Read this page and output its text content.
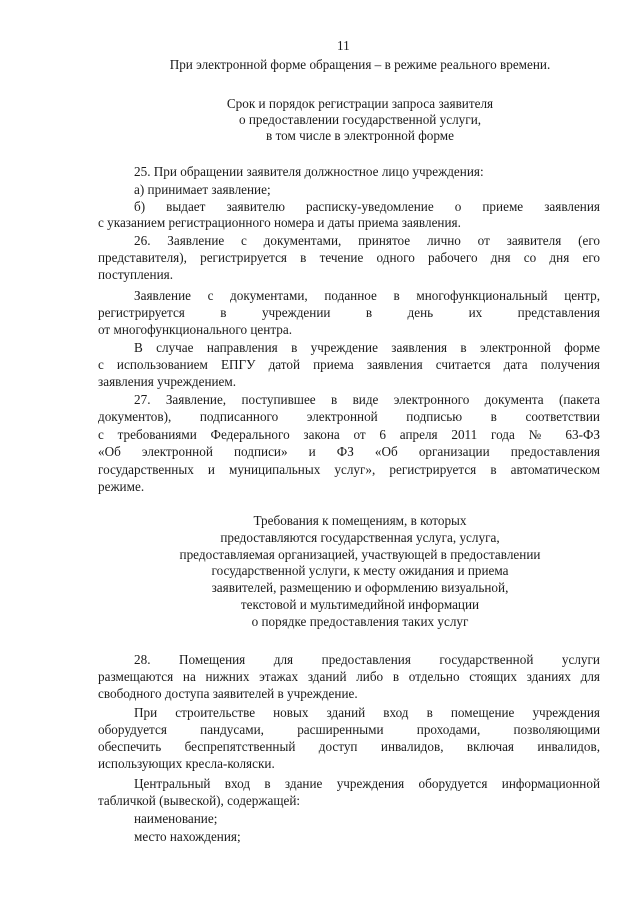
11
При электронной форме обращения – в режиме реального времени.
Срок и порядок регистрации запроса заявителя
о предоставлении государственной услуги,
в том числе в электронной форме
25. При обращении заявителя должностное лицо учреждения:
а) принимает заявление;
б) выдает заявителю расписку-уведомление о приеме заявления
с указанием регистрационного номера и даты приема заявления.
26. Заявление с документами, принятое лично от заявителя (его
представителя), регистрируется в течение одного рабочего дня со дня его
поступления.
Заявление с документами, поданное в многофункциональный центр,
регистрируется в учреждении в день их представления
от многофункционального центра.
В случае направления в учреждение заявления в электронной форме
с использованием ЕПГУ датой приема заявления считается дата получения
заявления учреждением.
27. Заявление, поступившее в виде электронного документа (пакета
документов), подписанного электронной подписью в соответствии
с требованиями Федерального закона от 6 апреля 2011 года № 63-ФЗ
«Об электронной подписи» и ФЗ «Об организации предоставления
государственных и муниципальных услуг», регистрируется в автоматическом
режиме.
Требования к помещениям, в которых
предоставляются государственная услуга, услуга,
предоставляемая организацией, участвующей в предоставлении
государственной услуги, к месту ожидания и приема
заявителей, размещению и оформлению визуальной,
текстовой и мультимедийной информации
о порядке предоставления таких услуг
28. Помещения для предоставления государственной услуги
размещаются на нижних этажах зданий либо в отдельно стоящих зданиях для
свободного доступа заявителей в учреждение.
При строительстве новых зданий вход в помещение учреждения
оборудуется пандусами, расширенными проходами, позволяющими
обеспечить беспрепятственный доступ инвалидов, включая инвалидов,
использующих кресла-коляски.
Центральный вход в здание учреждения оборудуется информационной
табличкой (вывеской), содержащей:
наименование;
место нахождения;
